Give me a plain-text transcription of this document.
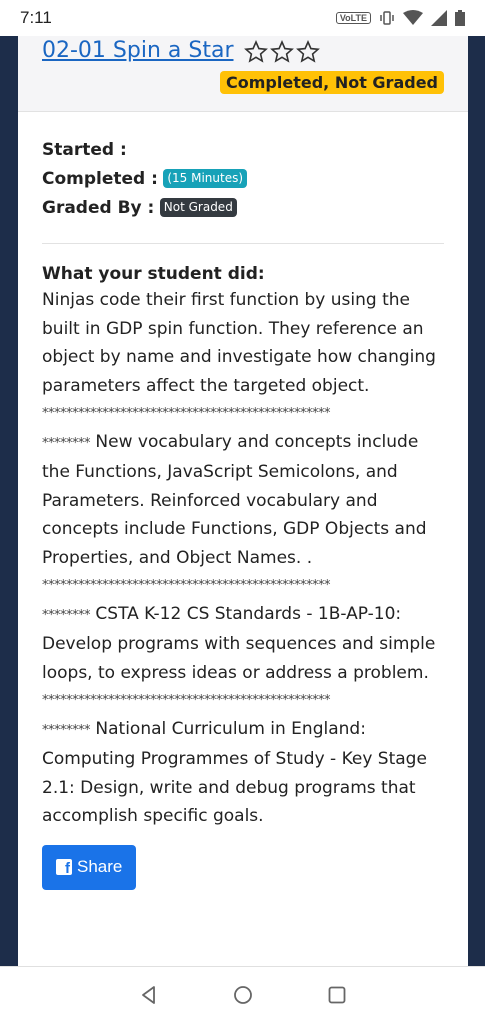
7:11	VoLTE
02-01 Spin a Star
Completed, Not Graded
Started :
Completed : (15 Minutes)
Graded By : Not Graded
What your student did:

Ninjas code their first function by using the built in GDP spin function. They reference an object by name and investigate how changing parameters affect the targeted object.

************************************************

******** New vocabulary and concepts include the Functions, JavaScript Semicolons, and Parameters. Reinforced vocabulary and concepts include Functions, GDP Objects and Properties, and Object Names. .

************************************************

******** CSTA K-12 CS Standards - 1B-AP-10: Develop programs with sequences and simple loops, to express ideas or address a problem.

************************************************

******** National Curriculum in England: Computing Programmes of Study - Key Stage 2.1: Design, write and debug programs that accomplish specific goals.

f Share
